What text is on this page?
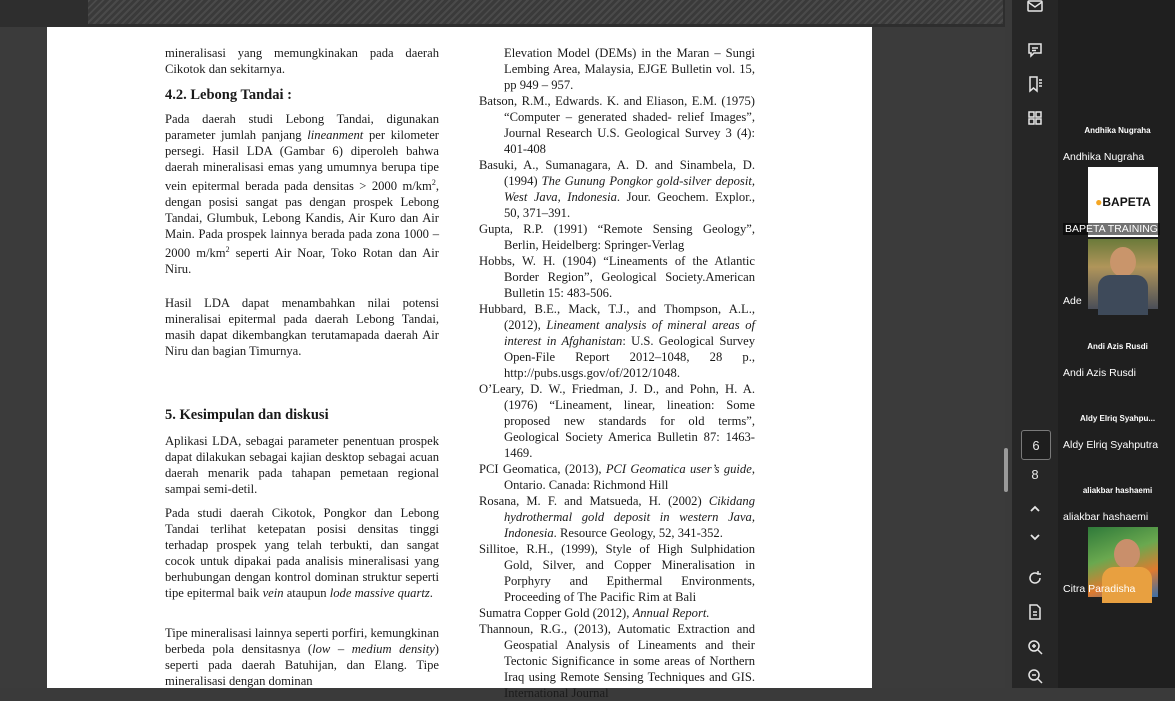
mineralisasi yang memungkinakan pada daerah Cikotok dan sekitarnya.

4.2. Lebong Tandai :

Pada daerah studi Lebong Tandai, digunakan parameter jumlah panjang lineanment per kilometer persegi. Hasil LDA (Gambar 6) diperoleh bahwa daerah mineralisasi emas yang umumnya berupa tipe vein epitermal berada pada densitas > 2000 $m/km^2$, dengan posisi sangat pas dengan prospek Lebong Tandai, Glumbuk, Lebong Kandis, Air Kuro dan Air Main. Pada prospek lainnya berada pada zona 1000 – 2000 $m/km^2$ seperti Air Noar, Toko Rotan dan Air Niru.

Hasil LDA dapat menambahkan nilai potensi mineralisai epitermal pada daerah Lebong Tandai, masih dapat dikembangkan terutamapada daerah Air Niru dan bagian Timurnya.

5. Kesimpulan dan diskusi

Aplikasi LDA, sebagai parameter penentuan prospek dapat dilakukan sebagai kajian desktop sebagai acuan daerah menarik pada tahapan pemetaan regional sampai semi-detil.

Pada studi daerah Cikotok, Pongkor dan Lebong Tandai terlihat ketepatan posisi densitas tinggi terhadap prospek yang telah terbukti, dan sangat cocok untuk dipakai pada analisis mineralisasi yang berhubungan dengan kontrol dominan struktur seperti tipe epitermal baik vein ataupun lode massive quartz.

Tipe mineralisasi lainnya seperti porfiri, kemungkinan berbeda pola densitasnya (low – medium density) seperti pada daerah Batuhijan, dan Elang. Tipe mineralisasi dengan dominan

Elevation Model (DEMs) in the Maran – Sungi Lembing Area, Malaysia, EJGE Bulletin vol. 15, pp 949 – 957.

Batson, R.M., Edwards. K. and Eliason, E.M. (1975) “Computer – generated shaded- relief Images”, Journal Research U.S. Geological Survey 3 (4): 401-408

Basuki, A., Sumanagara, A. D. and Sinambela, D. (1994) The Gunung Pongkor gold-silver deposit, West Java, Indonesia. Jour. Geochem. Explor., 50, 371–391.

Gupta, R.P. (1991) “Remote Sensing Geology”, Berlin, Heidelberg: Springer-Verlag

Hobbs, W. H. (1904) “Lineaments of the Atlantic Border Region”, Geological Society.American Bulletin 15: 483-506.

Hubbard, B.E., Mack, T.J., and Thompson, A.L., (2012), Lineament analysis of mineral areas of interest in Afghanistan: U.S. Geological Survey Open-File Report 2012–1048, 28 p., http://pubs.usgs.gov/of/2012/1048.

O’Leary, D. W., Friedman, J. D., and Pohn, H. A. (1976) “Lineament, linear, lineation: Some proposed new standards for old terms”, Geological Society America Bulletin 87: 1463-1469.

PCI Geomatica, (2013), PCI Geomatica user’s guide, Ontario. Canada: Richmond Hill

Rosana, M. F. and Matsueda, H. (2002) Cikidang hydrothermal gold deposit in western Java, Indonesia. Resource Geology, 52, 341-352.

Sillitoe, R.H., (1999), Style of High Sulphidation Gold, Silver, and Copper Mineralisation in Porphyry and Epithermal Environments, Proceeding of The Pacific Rim at Bali

Sumatra Copper Gold (2012), Annual Report.

Thannoun, R.G., (2013), Automatic Extraction and Geospatial Analysis of Lineaments and their Tectonic Significance in some areas of Northern Iraq using Remote Sensing Techniques and GIS. International Journal

6
8
Andhika Nugraha
Andhika Nugraha
●BAPETA
BAPETA TRAINING
Ade
Andi Azis Rusdi
Andi Azis Rusdi
Aldy Elriq Syahpu...
Aldy Elriq Syahputra
aliakbar hashaemi
aliakbar hashaemi
Citra Paradisha
